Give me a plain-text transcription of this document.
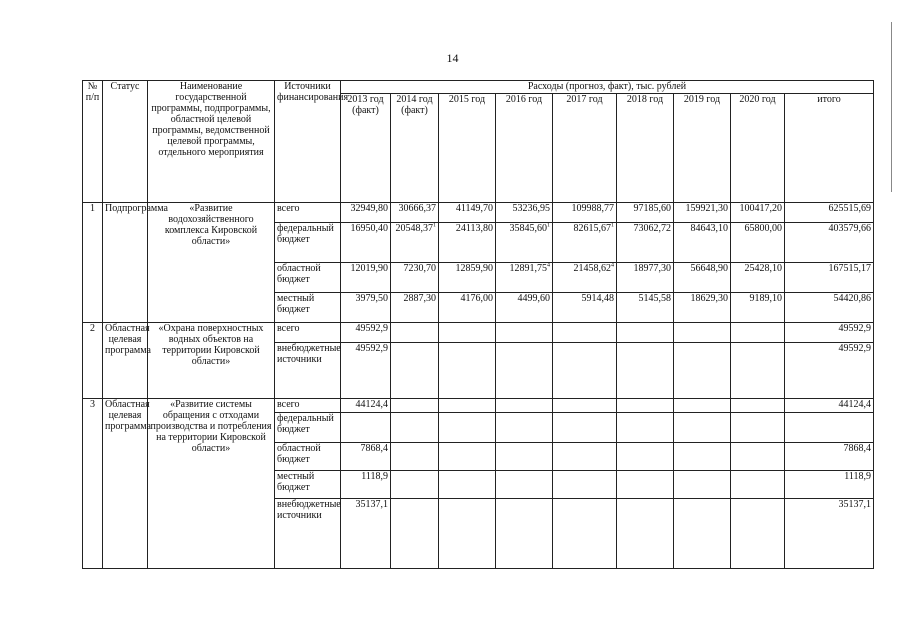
14
№ п/п	Статус	Наименование государственной программы, подпрограммы, областной целевой программы, ведомственной целевой программы, отдельного мероприятия	Источники финансирования	Расходы (прогноз, факт), тыс. рублей								
				2013 год (факт)	2014 год (факт)	2015 год	2016 год	2017 год	2018 год	2019 год	2020 год	итого
1	Подпрограмма	«Развитие водохозяйственного комплекса Кировской области»	всего	32949,80	30666,37	41149,70	53236,95	109988,77	97185,60	159921,30	100417,20	625515,69
			федеральный бюджет	16950,40	20548,37$^1$	24113,80	35845,60$^1$	82615,67$^1$	73062,72	84643,10	65800,00	403579,66
			областной бюджет	12019,90	7230,70	12859,90	12891,75$^4$	21458,62$^4$	18977,30	56648,90	25428,10	167515,17
			местный бюджет	3979,50	2887,30	4176,00	4499,60	5914,48	5145,58	18629,30	9189,10	54420,86
2	Областная целевая программа	«Охрана поверхностных водных объектов на территории Кировской области»	всего	49592,9								49592,9
			внебюджетные источники	49592,9								49592,9
3	Областная целевая программа	«Развитие системы обращения с отходами производства и потребления на территории Кировской области»	всего	44124,4								44124,4
			федеральный бюджет									
			областной бюджет	7868,4								7868,4
			местный бюджет	1118,9								1118,9
			внебюджетные источники	35137,1								35137,1
